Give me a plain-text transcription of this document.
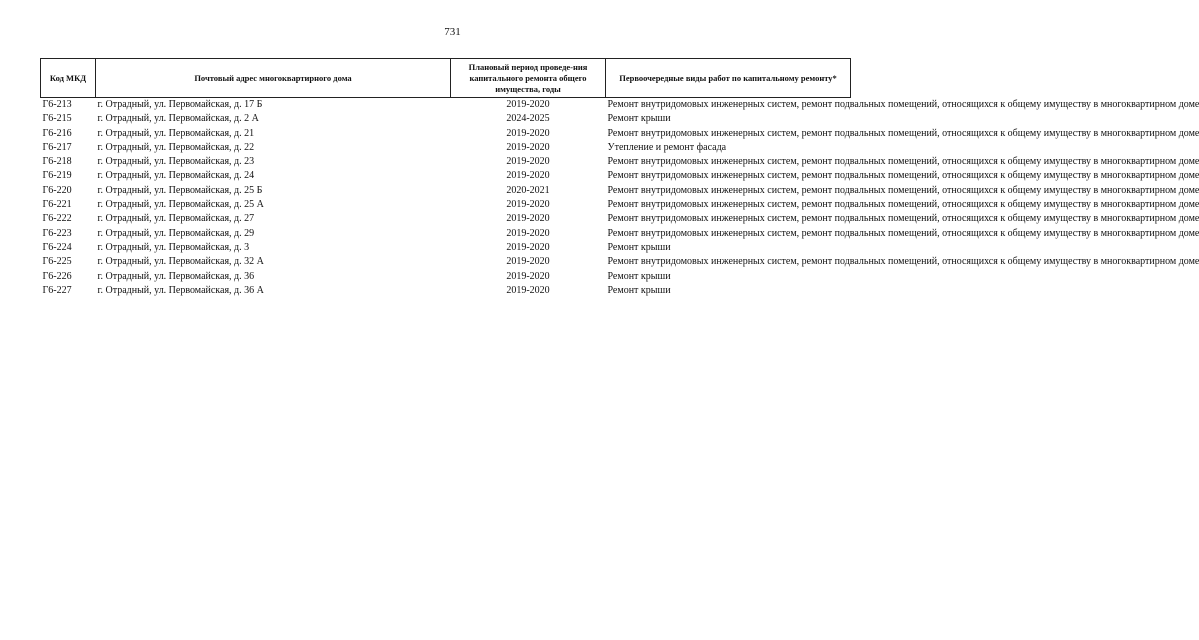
731
Код МКД	Почтовый адрес многоквартирного дома	Плановый период проведе-ния капитального ремонта общего имущества, годы	Первоочередные виды работ по капитальному ремонту*
Г6-213	г. Отрадный, ул. Первомайская, д. 17 Б	2019-2020	Ремонт внутридомовых инженерных систем, ремонт подвальных помещений, относящихся к общему имуществу в многоквартирном доме
Г6-215	г. Отрадный, ул. Первомайская, д. 2 А	2024-2025	Ремонт крыши
Г6-216	г. Отрадный, ул. Первомайская, д. 21	2019-2020	Ремонт внутридомовых инженерных систем, ремонт подвальных помещений, относящихся к общему имуществу в многоквартирном доме
Г6-217	г. Отрадный, ул. Первомайская, д. 22	2019-2020	Утепление и ремонт фасада
Г6-218	г. Отрадный, ул. Первомайская, д. 23	2019-2020	Ремонт внутридомовых инженерных систем, ремонт подвальных помещений, относящихся к общему имуществу в многоквартирном доме
Г6-219	г. Отрадный, ул. Первомайская, д. 24	2019-2020	Ремонт внутридомовых инженерных систем, ремонт подвальных помещений, относящихся к общему имуществу в многоквартирном доме
Г6-220	г. Отрадный, ул. Первомайская, д. 25 Б	2020-2021	Ремонт внутридомовых инженерных систем, ремонт подвальных помещений, относящихся к общему имуществу в многоквартирном доме
Г6-221	г. Отрадный, ул. Первомайская, д. 25 А	2019-2020	Ремонт внутридомовых инженерных систем, ремонт подвальных помещений, относящихся к общему имуществу в многоквартирном доме
Г6-222	г. Отрадный, ул. Первомайская, д. 27	2019-2020	Ремонт внутридомовых инженерных систем, ремонт подвальных помещений, относящихся к общему имуществу в многоквартирном доме
Г6-223	г. Отрадный, ул. Первомайская, д. 29	2019-2020	Ремонт внутридомовых инженерных систем, ремонт подвальных помещений, относящихся к общему имуществу в многоквартирном доме
Г6-224	г. Отрадный, ул. Первомайская, д. 3	2019-2020	Ремонт крыши
Г6-225	г. Отрадный, ул. Первомайская, д. 32 А	2019-2020	Ремонт внутридомовых инженерных систем, ремонт подвальных помещений, относящихся к общему имуществу в многоквартирном доме
Г6-226	г. Отрадный, ул. Первомайская, д. 36	2019-2020	Ремонт крыши
Г6-227	г. Отрадный, ул. Первомайская, д. 36 А	2019-2020	Ремонт крыши
